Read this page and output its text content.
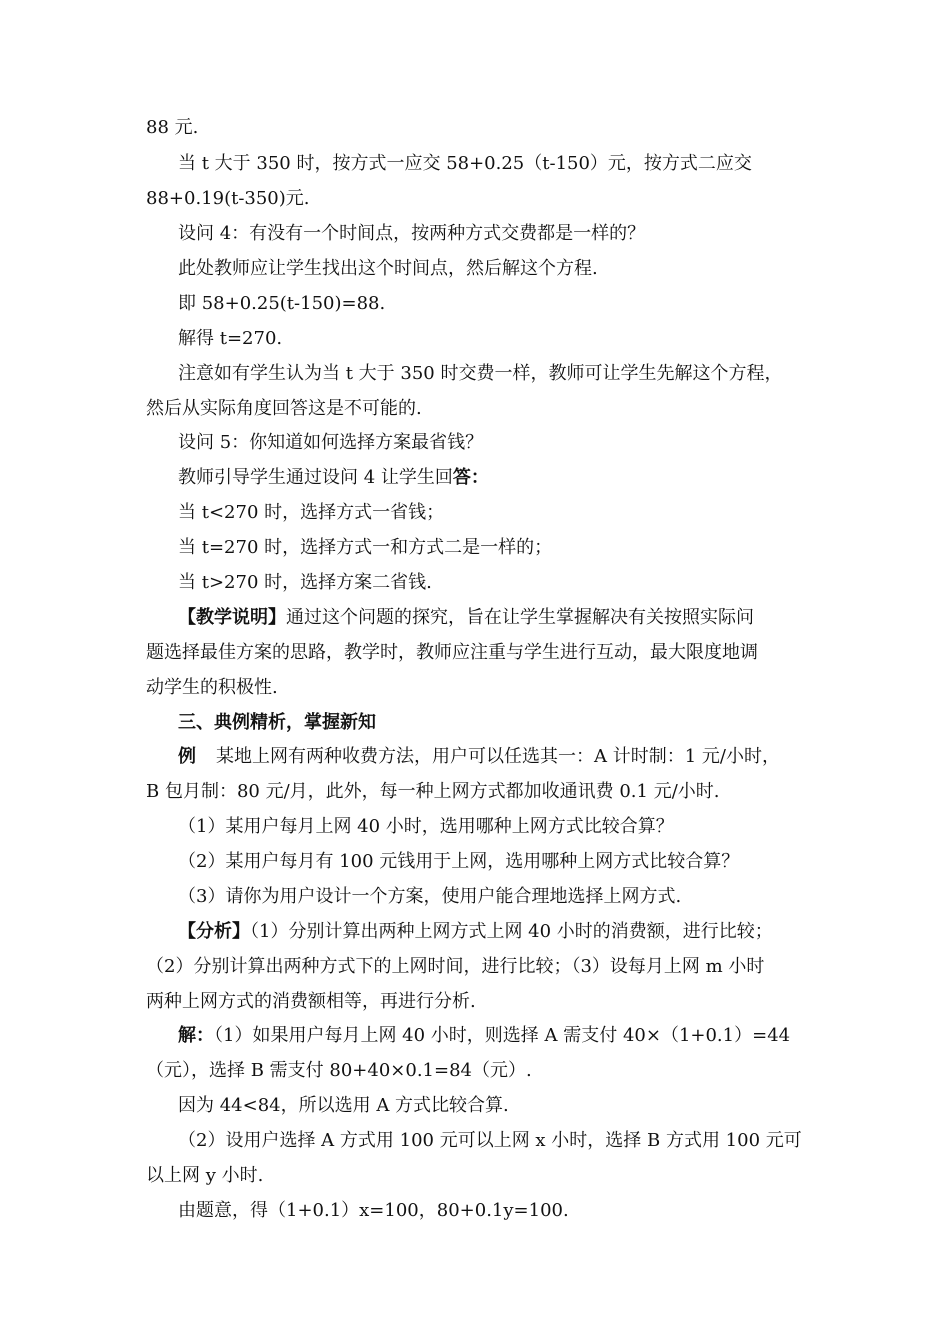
88 元.
当 t 大于 350 时，按方式一应交 58+0.25（t-150）元，按方式二应交
88+0.19(t-350)元.
设问 4：有没有一个时间点，按两种方式交费都是一样的？
此处教师应让学生找出这个时间点，然后解这个方程.
即 58+0.25(t-150)=88.
解得 t=270.
注意如有学生认为当 t 大于 350 时交费一样，教师可让学生先解这个方程，
然后从实际角度回答这是不可能的.
设问 5：你知道如何选择方案最省钱？
教师引导学生通过设问 4 让学生回答：
当 t<270 时，选择方式一省钱；
当 t=270 时，选择方式一和方式二是一样的；
当 t>270 时，选择方案二省钱.
【教学说明】通过这个问题的探究，旨在让学生掌握解决有关按照实际问
题选择最佳方案的思路，教学时，教师应注重与学生进行互动，最大限度地调
动学生的积极性.
三、典例精析，掌握新知
例 某地上网有两种收费方法，用户可以任选其一：A 计时制：1 元/小时，
B 包月制：80 元/月，此外，每一种上网方式都加收通讯费 0.1 元/小时.
（1）某用户每月上网 40 小时，选用哪种上网方式比较合算？
（2）某用户每月有 100 元钱用于上网，选用哪种上网方式比较合算？
（3）请你为用户设计一个方案，使用户能合理地选择上网方式.
【分析】（1）分别计算出两种上网方式上网 40 小时的消费额，进行比较；
（2）分别计算出两种方式下的上网时间，进行比较；（3）设每月上网 m 小时
两种上网方式的消费额相等，再进行分析.
解：（1）如果用户每月上网 40 小时，则选择 A 需支付 40×（1+0.1）=44
（元），选择 B 需支付 80+40×0.1=84（元）.
因为 44<84，所以选用 A 方式比较合算.
（2）设用户选择 A 方式用 100 元可以上网 x 小时，选择 B 方式用 100 元可
以上网 y 小时.
由题意，得（1+0.1）x=100，80+0.1y=100.
